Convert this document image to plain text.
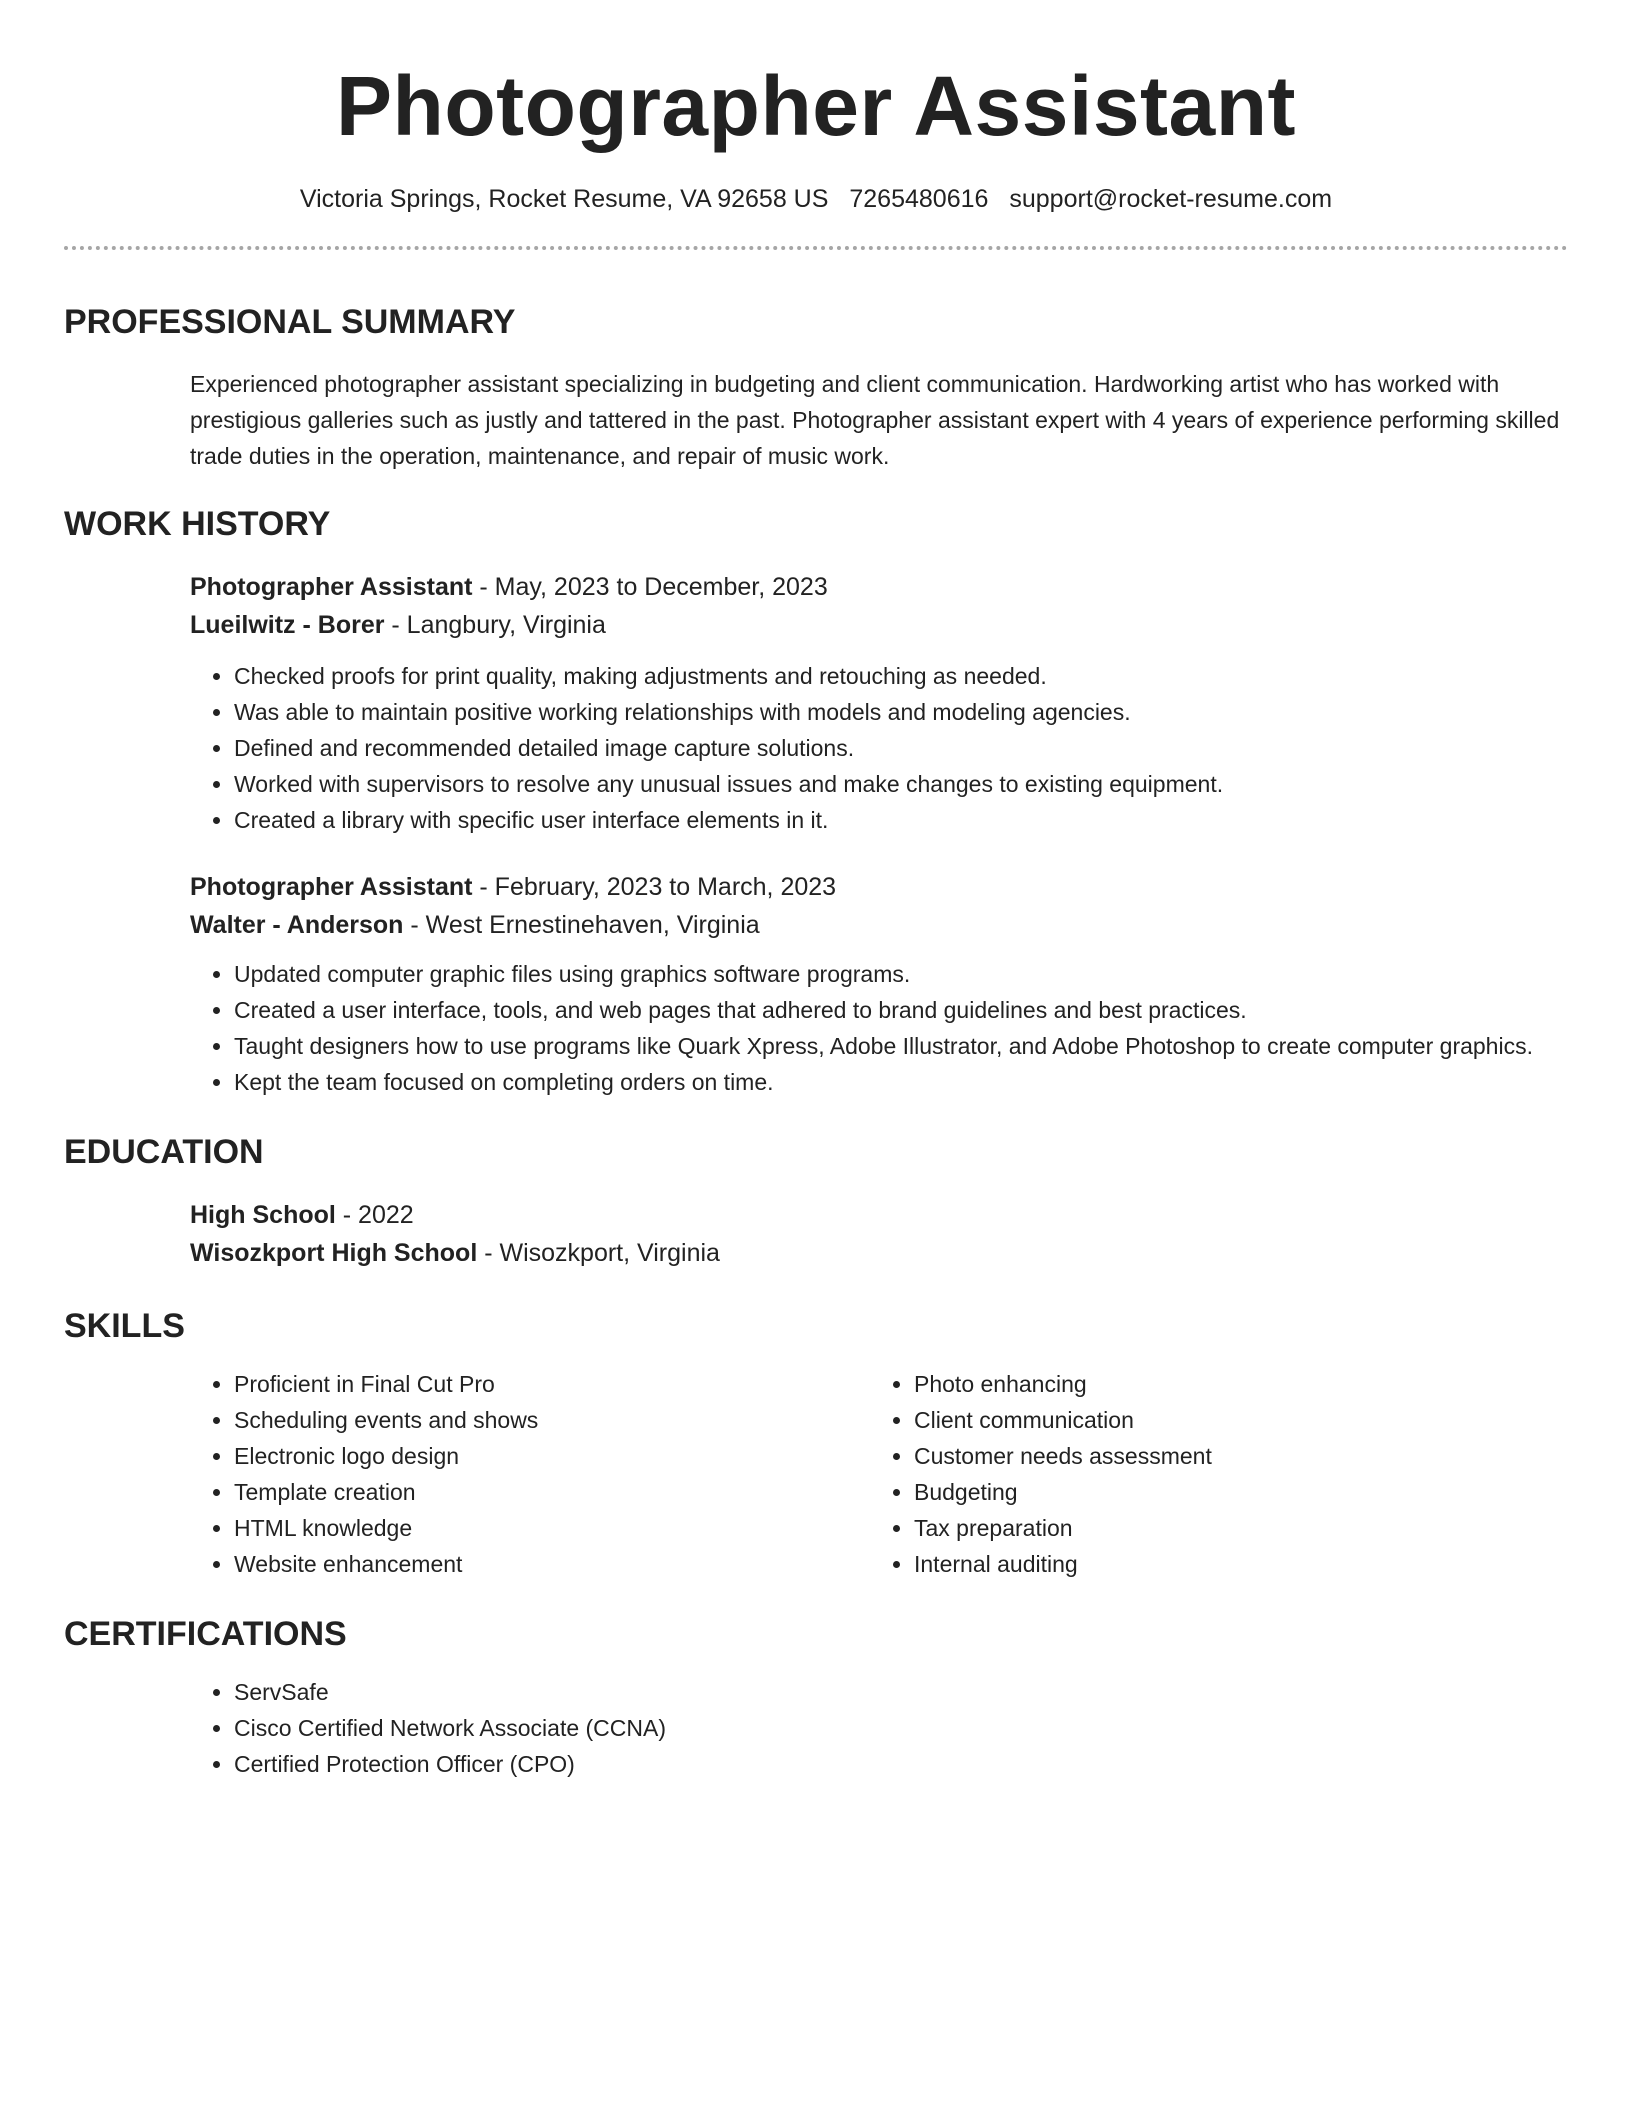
Photographer Assistant
Victoria Springs, Rocket Resume, VA 92658 US 7265480616 support@rocket-resume.com
PROFESSIONAL SUMMARY

Experienced photographer assistant specializing in budgeting and client communication. Hardworking artist who has worked with prestigious galleries such as justly and tattered in the past. Photographer assistant expert with 4 years of experience performing skilled trade duties in the operation, maintenance, and repair of music work.

WORK HISTORY
Photographer Assistant - May, 2023 to December, 2023
Lueilwitz - Borer - Langbury, Virginia
• Checked proofs for print quality, making adjustments and retouching as needed.
• Was able to maintain positive working relationships with models and modeling agencies.
• Defined and recommended detailed image capture solutions.
• Worked with supervisors to resolve any unusual issues and make changes to existing equipment.
• Created a library with specific user interface elements in it.
Photographer Assistant - February, 2023 to March, 2023
Walter - Anderson - West Ernestinehaven, Virginia
• Updated computer graphic files using graphics software programs.
• Created a user interface, tools, and web pages that adhered to brand guidelines and best practices.
• Taught designers how to use programs like Quark Xpress, Adobe Illustrator, and Adobe Photoshop to create computer graphics.
• Kept the team focused on completing orders on time.
EDUCATION
High School - 2022
Wisozkport High School - Wisozkport, Virginia
SKILLS
• Proficient in Final Cut Pro
• Scheduling events and shows
• Electronic logo design
• Template creation
• HTML knowledge
• Website enhancement
• Photo enhancing
• Client communication
• Customer needs assessment
• Budgeting
• Tax preparation
• Internal auditing
CERTIFICATIONS
• ServSafe
• Cisco Certified Network Associate (CCNA)
• Certified Protection Officer (CPO)
